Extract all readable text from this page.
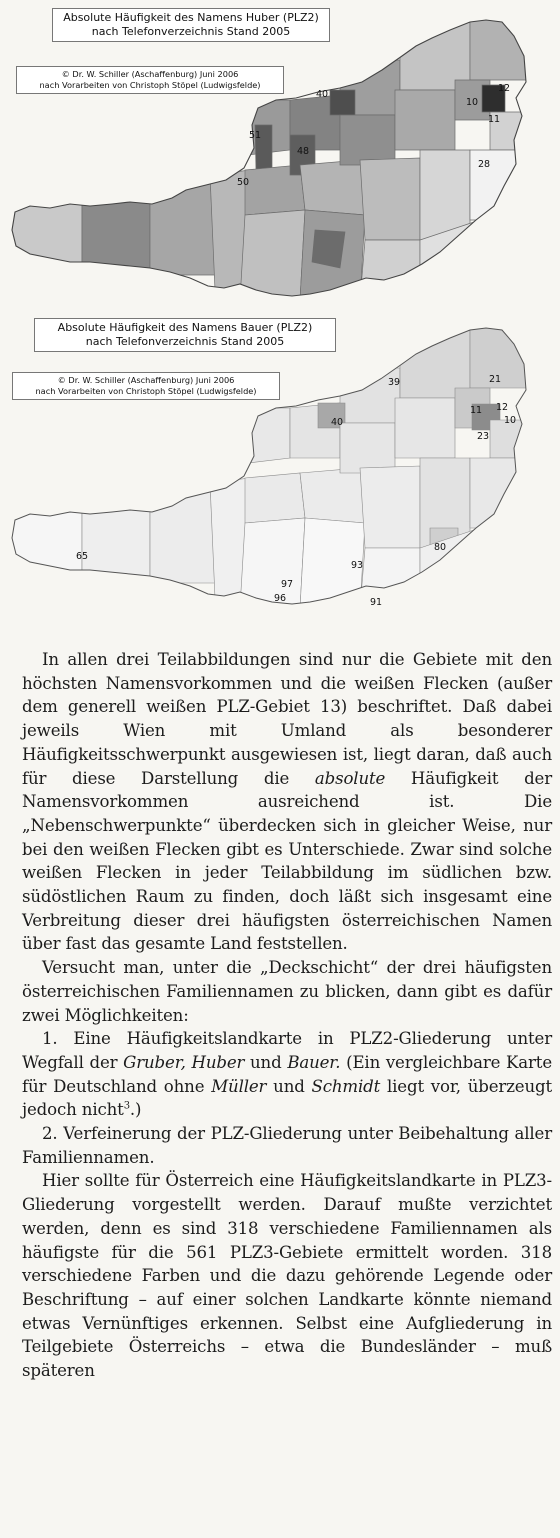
Absolute Häufigkeit des Namens Huber (PLZ2)
nach Telefonverzeichnis Stand 2005
© Dr. W. Schiller (Aschaffenburg) Juni 2006
nach Vorarbeiten von Christoph Stöpel (Ludwigsfelde)
40
12
10
11
51
48
28
50
Absolute Häufigkeit des Namens Bauer (PLZ2)
nach Telefonverzeichnis Stand 2005
© Dr. W. Schiller (Aschaffenburg) Juni 2006
nach Vorarbeiten von Christoph Stöpel (Ludwigsfelde)
39	21
11 12
10
23
40
65
80
93
97
96	91

In allen drei Teilabbildungen sind nur die Gebiete mit den höchsten Namensvorkommen und die weißen Flecken (außer dem generell weißen PLZ-Gebiet 13) beschriftet. Daß dabei jeweils Wien mit Umland als besonderer Häufigkeitsschwerpunkt ausgewiesen ist, liegt daran, daß auch für diese Darstellung die absolute Häufigkeit der Namensvorkommen ausreichend ist. Die „Nebenschwerpunkte“ überdecken sich in gleicher Weise, nur bei den weißen Flecken gibt es Unterschiede. Zwar sind solche weißen Flecken in jeder Teilabbildung im südlichen bzw. südöstlichen Raum zu finden, doch läßt sich insgesamt eine Verbreitung dieser drei häufigsten österreichischen Namen über fast das gesamte Land feststellen.

Versucht man, unter die „Deckschicht“ der drei häufigsten österreichischen Familiennamen zu blicken, dann gibt es dafür zwei Möglichkeiten:

1. Eine Häufigkeitslandkarte in PLZ2-Gliederung unter Wegfall der Gruber, Huber und Bauer. (Ein vergleichbare Karte für Deutschland ohne Müller und Schmidt liegt vor, überzeugt jedoch nicht$^3$.)

2. Verfeinerung der PLZ-Gliederung unter Beibehaltung aller Familiennamen.

Hier sollte für Österreich eine Häufigkeitslandkarte in PLZ3-Gliederung vorgestellt werden. Darauf mußte verzichtet werden, denn es sind 318 verschiedene Familiennamen als häufigste für die 561 PLZ3-Gebiete ermittelt worden. 318 verschiedene Farben und die dazu gehörende Legende oder Beschriftung – auf einer solchen Landkarte könnte niemand etwas Vernünftiges erkennen. Selbst eine Aufgliederung in Teilgebiete Österreichs – etwa die Bundesländer – muß späteren
